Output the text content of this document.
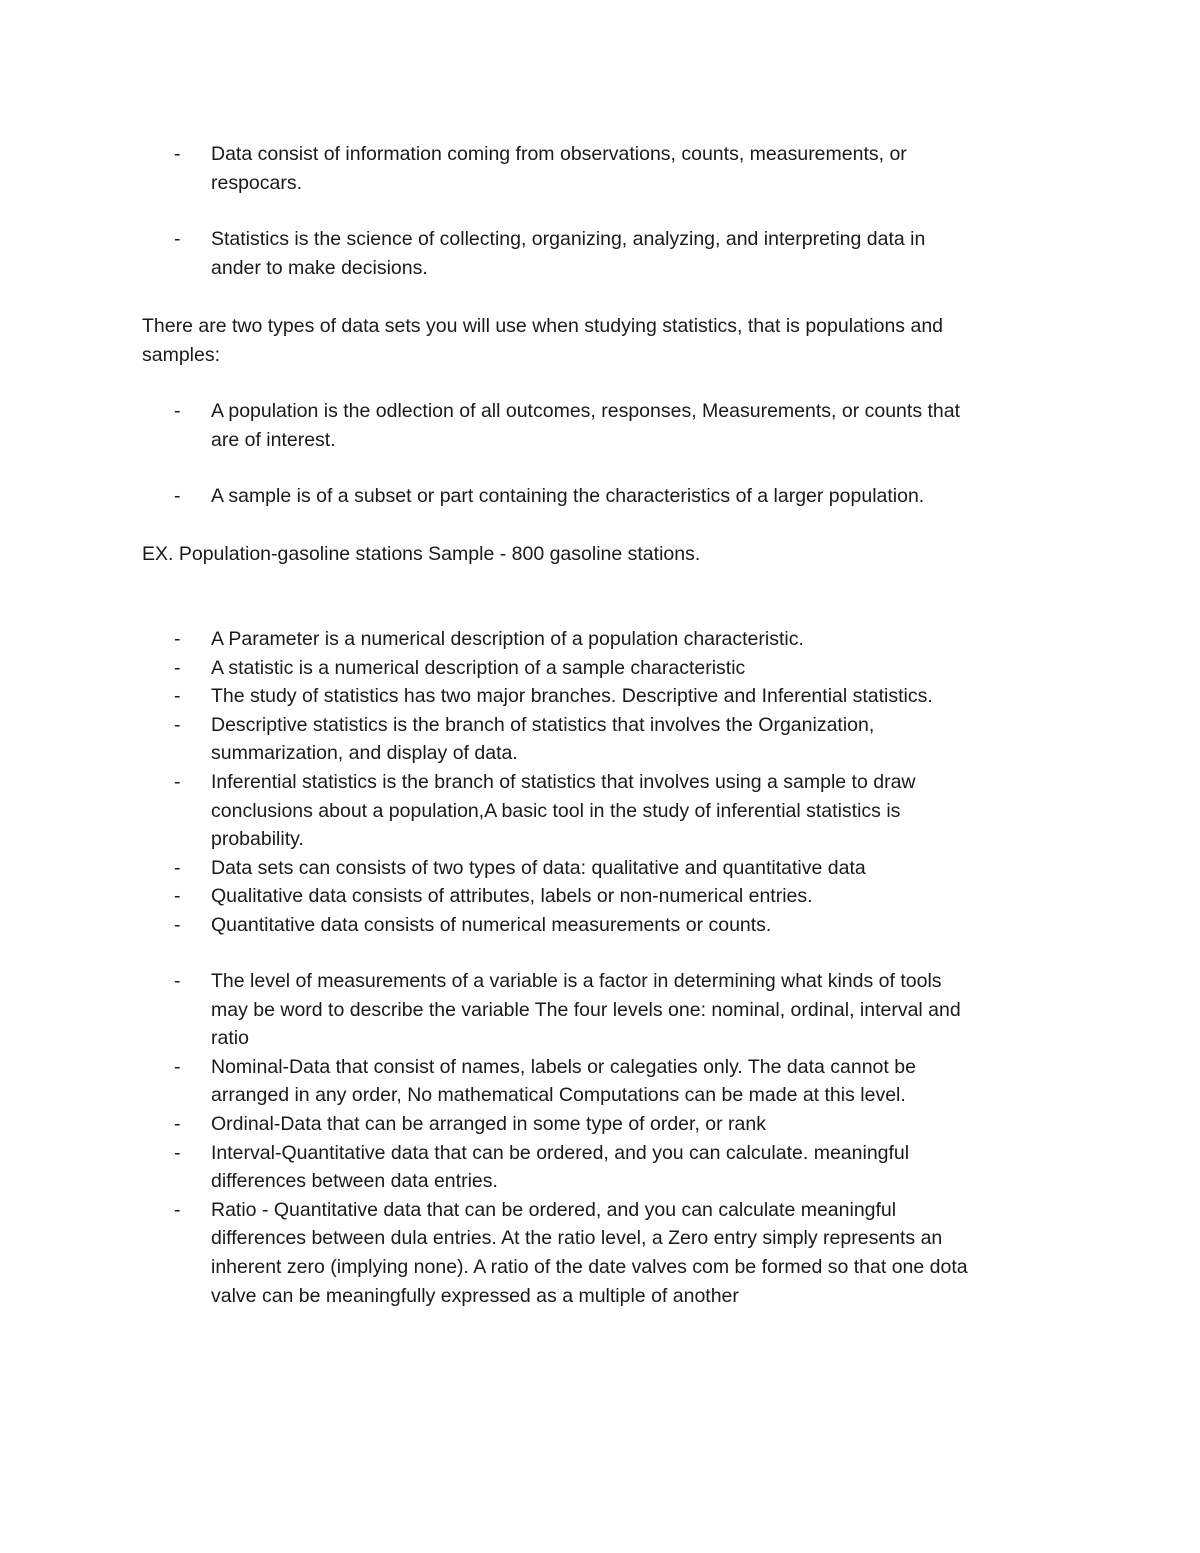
- Data consist of information coming from observations, counts, measurements, or
respocars.
- Statistics is the science of collecting, organizing, analyzing, and interpreting data in
ander to make decisions.
There are two types of data sets you will use when studying statistics, that is populations and
samples:
- A population is the odlection of all outcomes, responses, Measurements, or counts that
are of interest.
- A sample is of a subset or part containing the characteristics of a larger population.
EX. Population-gasoline stations Sample - 800 gasoline stations.
- A Parameter is a numerical description of a population characteristic.
- A statistic is a numerical description of a sample characteristic
- The study of statistics has two major branches. Descriptive and Inferential statistics.
- Descriptive statistics is the branch of statistics that involves the Organization,
summarization, and display of data.
- Inferential statistics is the branch of statistics that involves using a sample to draw
conclusions about a population,A basic tool in the study of inferential statistics is
probability.
- Data sets can consists of two types of data: qualitative and quantitative data
- Qualitative data consists of attributes, labels or non-numerical entries.
- Quantitative data consists of numerical measurements or counts.
- The level of measurements of a variable is a factor in determining what kinds of tools
may be word to describe the variable The four levels one: nominal, ordinal, interval and
ratio
- Nominal-Data that consist of names, labels or calegaties only. The data cannot be
arranged in any order, No mathematical Computations can be made at this level.
- Ordinal-Data that can be arranged in some type of order, or rank
- Interval-Quantitative data that can be ordered, and you can calculate. meaningful
differences between data entries.
- Ratio - Quantitative data that can be ordered, and you can calculate meaningful
differences between dula entries. At the ratio level, a Zero entry simply represents an
inherent zero (implying none). A ratio of the date valves com be formed so that one dota
valve can be meaningfully expressed as a multiple of another
